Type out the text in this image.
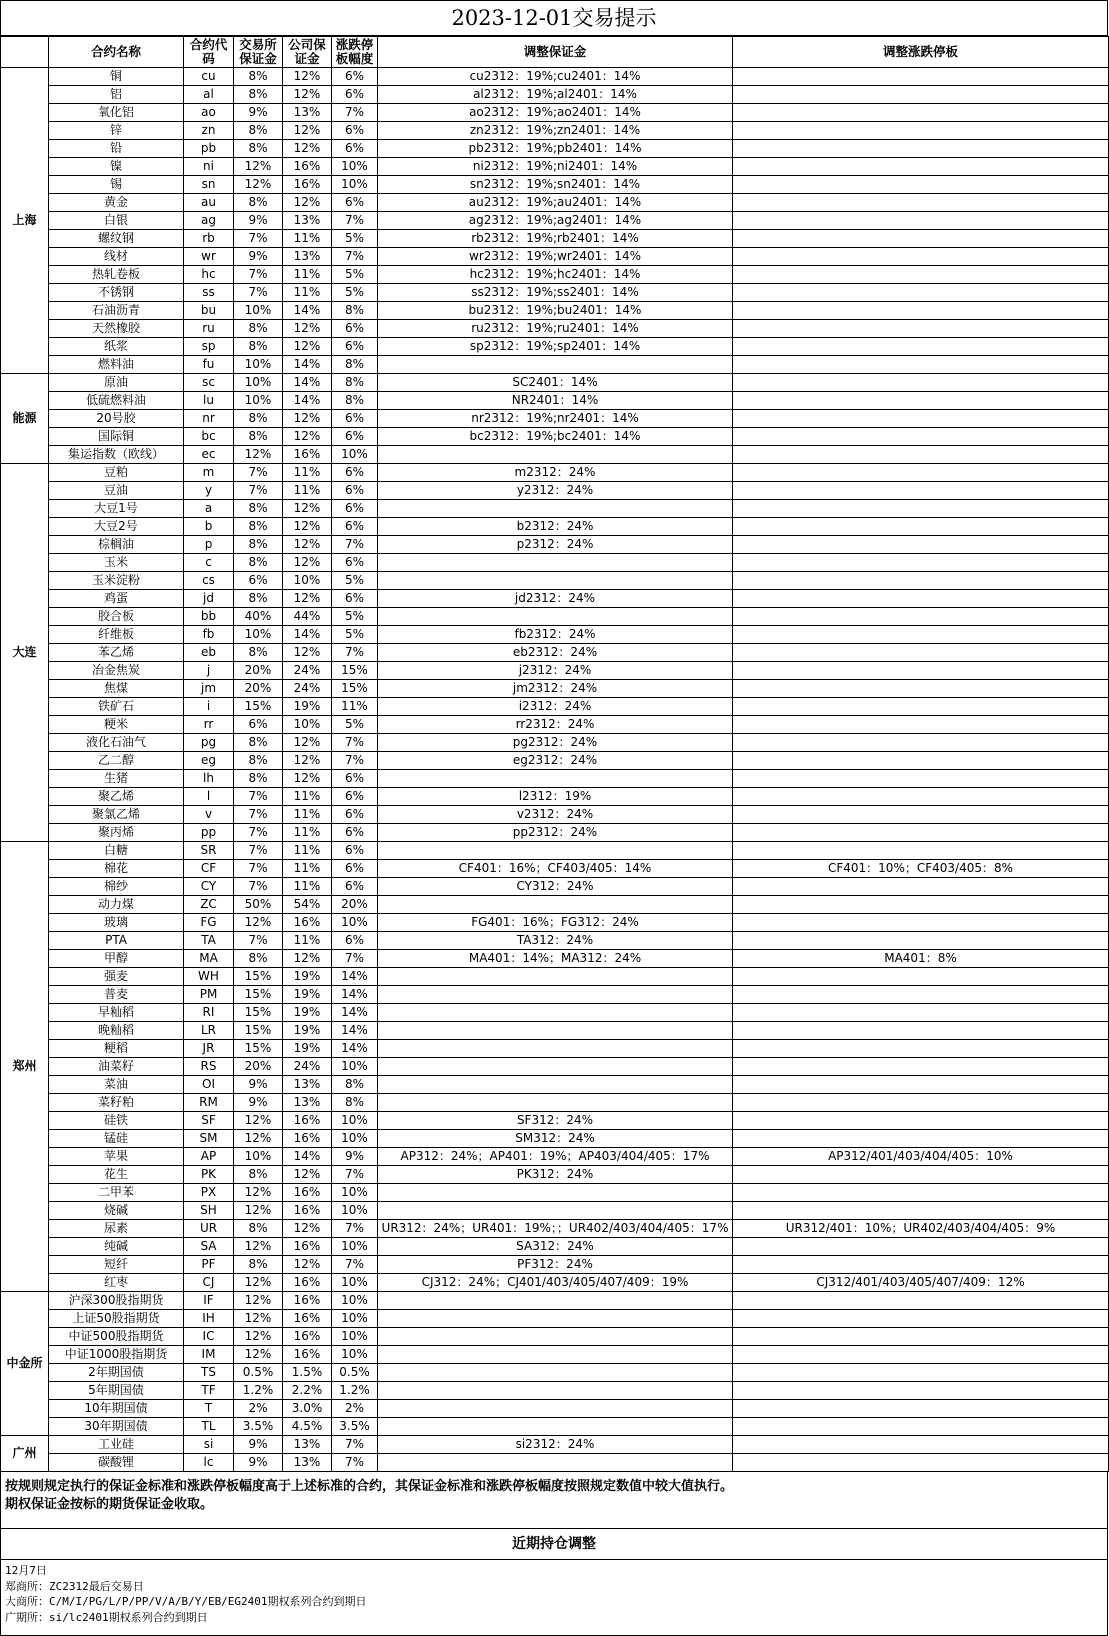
2023-12-01交易提示
	合约名称	合约代码	交易所保证金	公司保证金	涨跌停板幅度	调整保证金	调整涨跌停板
上海	铜	cu	8%	12%	6%	cu2312：19%;cu2401：14%	
	铝	al	8%	12%	6%	al2312：19%;al2401：14%	
	氧化铝	ao	9%	13%	7%	ao2312：19%;ao2401：14%	
	锌	zn	8%	12%	6%	zn2312：19%;zn2401：14%	
	铅	pb	8%	12%	6%	pb2312：19%;pb2401：14%	
	镍	ni	12%	16%	10%	ni2312：19%;ni2401：14%	
	锡	sn	12%	16%	10%	sn2312：19%;sn2401：14%	
	黄金	au	8%	12%	6%	au2312：19%;au2401：14%	
	白银	ag	9%	13%	7%	ag2312：19%;ag2401：14%	
	螺纹钢	rb	7%	11%	5%	rb2312：19%;rb2401：14%	
	线材	wr	9%	13%	7%	wr2312：19%;wr2401：14%	
	热轧卷板	hc	7%	11%	5%	hc2312：19%;hc2401：14%	
	不锈钢	ss	7%	11%	5%	ss2312：19%;ss2401：14%	
	石油沥青	bu	10%	14%	8%	bu2312：19%;bu2401：14%	
	天然橡胶	ru	8%	12%	6%	ru2312：19%;ru2401：14%	
	纸浆	sp	8%	12%	6%	sp2312：19%;sp2401：14%	
	燃料油	fu	10%	14%	8%		
能源	原油	sc	10%	14%	8%	SC2401：14%	
	低硫燃料油	lu	10%	14%	8%	NR2401：14%	
	20号胶	nr	8%	12%	6%	nr2312：19%;nr2401：14%	
	国际铜	bc	8%	12%	6%	bc2312：19%;bc2401：14%	
	集运指数（欧线）	ec	12%	16%	10%		
大连	豆粕	m	7%	11%	6%	m2312：24%	
	豆油	y	7%	11%	6%	y2312：24%	
	大豆1号	a	8%	12%	6%		
	大豆2号	b	8%	12%	6%	b2312：24%	
	棕榈油	p	8%	12%	7%	p2312：24%	
	玉米	c	8%	12%	6%		
	玉米淀粉	cs	6%	10%	5%		
	鸡蛋	jd	8%	12%	6%	jd2312：24%	
	胶合板	bb	40%	44%	5%		
	纤维板	fb	10%	14%	5%	fb2312：24%	
	苯乙烯	eb	8%	12%	7%	eb2312：24%	
	冶金焦炭	j	20%	24%	15%	j2312：24%	
	焦煤	jm	20%	24%	15%	jm2312：24%	
	铁矿石	i	15%	19%	11%	i2312：24%	
	粳米	rr	6%	10%	5%	rr2312：24%	
	液化石油气	pg	8%	12%	7%	pg2312：24%	
	乙二醇	eg	8%	12%	7%	eg2312：24%	
	生猪	lh	8%	12%	6%		
	聚乙烯	l	7%	11%	6%	l2312：19%	
	聚氯乙烯	v	7%	11%	6%	v2312：24%	
	聚丙烯	pp	7%	11%	6%	pp2312：24%	
郑州	白糖	SR	7%	11%	6%		
	棉花	CF	7%	11%	6%	CF401：16%；CF403/405：14%	CF401：10%；CF403/405：8%
	棉纱	CY	7%	11%	6%	CY312：24%	
	动力煤	ZC	50%	54%	20%		
	玻璃	FG	12%	16%	10%	FG401：16%；FG312：24%	
	PTA	TA	7%	11%	6%	TA312：24%	
	甲醇	MA	8%	12%	7%	MA401：14%；MA312：24%	MA401：8%
	强麦	WH	15%	19%	14%		
	普麦	PM	15%	19%	14%		
	早籼稻	RI	15%	19%	14%		
	晚籼稻	LR	15%	19%	14%		
	粳稻	JR	15%	19%	14%		
	油菜籽	RS	20%	24%	10%		
	菜油	OI	9%	13%	8%		
	菜籽粕	RM	9%	13%	8%		
	硅铁	SF	12%	16%	10%	SF312：24%	
	锰硅	SM	12%	16%	10%	SM312：24%	
	苹果	AP	10%	14%	9%	AP312：24%；AP401：19%；AP403/404/405：17%	AP312/401/403/404/405：10%
	花生	PK	8%	12%	7%	PK312：24%	
	二甲苯	PX	12%	16%	10%		
	烧碱	SH	12%	16%	10%		
	尿素	UR	8%	12%	7%	UR312：24%；UR401：19%；；UR402/403/404/405：17%	UR312/401：10%；UR402/403/404/405：9%
	纯碱	SA	12%	16%	10%	SA312：24%	
	短纤	PF	8%	12%	7%	PF312：24%	
	红枣	CJ	12%	16%	10%	CJ312：24%；CJ401/403/405/407/409：19%	CJ312/401/403/405/407/409：12%
中金所	沪深300股指期货	IF	12%	16%	10%		
	上证50股指期货	IH	12%	16%	10%		
	中证500股指期货	IC	12%	16%	10%		
	中证1000股指期货	IM	12%	16%	10%		
	2年期国债	TS	0.5%	1.5%	0.5%		
	5年期国债	TF	1.2%	2.2%	1.2%		
	10年期国债	T	2%	3.0%	2%		
	30年期国债	TL	3.5%	4.5%	3.5%		
广州	工业硅	si	9%	13%	7%	si2312：24%	
	碳酸锂	lc	9%	13%	7%		
按规则规定执行的保证金标准和涨跌停板幅度高于上述标准的合约，其保证金标准和涨跌停板幅度按照规定数值中较大值执行。
期权保证金按标的期货保证金收取。
近期持仓调整
12月7日
郑商所：ZC2312最后交易日
大商所：C/M/I/PG/L/P/PP/V/A/B/Y/EB/EG2401期权系列合约到期日
广期所：si/lc2401期权系列合约到期日
